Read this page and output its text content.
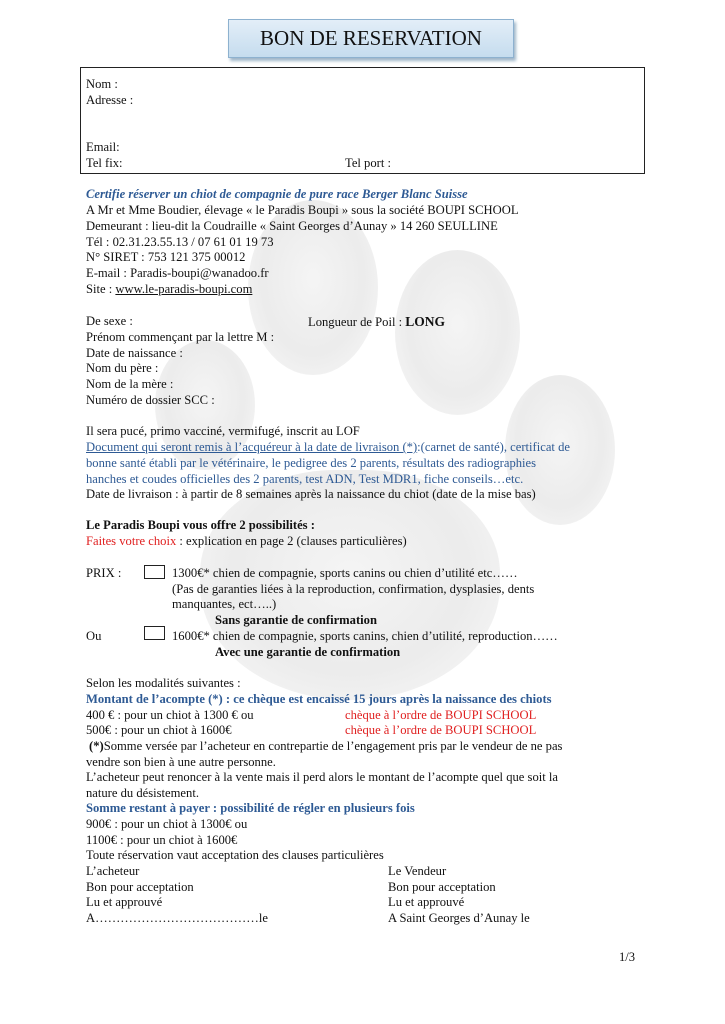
BON DE RESERVATION
Nom :
Adresse :
Email:
Tel fix:	Tel port :
Certifie réserver un chiot de compagnie de pure race Berger Blanc Suisse
A Mr et Mme Boudier, élevage « le Paradis Boupi » sous la société BOUPI SCHOOL
Demeurant : lieu-dit la Coudraille « Saint Georges d’Aunay » 14 260 SEULLINE
Tél : 02.31.23.55.13 / 07 61 01 19 73
N° SIRET : 753 121 375 00012
E-mail : Paradis-boupi@wanadoo.fr
Site : www.le-paradis-boupi.com
De sexe :	Longueur de Poil : LONG
Prénom commençant par la lettre M :
Date de naissance :
Nom du père :
Nom de la mère :
Numéro de dossier SCC :
Il sera pucé, primo vacciné, vermifugé, inscrit au LOF
Document qui seront remis à l’acquéreur à la date de livraison (*):(carnet de santé), certificat de
bonne santé établi par le vétérinaire, le pedigree des 2 parents, résultats des radiographies
hanches et coudes officielles des 2 parents, test ADN, Test MDR1, fiche conseils…etc.
Date de livraison : à partir de 8 semaines après la naissance du chiot (date de la mise bas)
Le Paradis Boupi vous offre 2 possibilités :
Faites votre choix : explication en page 2 (clauses particulières)
PRIX :	1300€* chien de compagnie, sports canins ou chien d’utilité etc……
(Pas de garanties liées à la reproduction, confirmation, dysplasies, dents
manquantes, ect…..)
Sans garantie de confirmation
Ou	1600€* chien de compagnie, sports canins, chien d’utilité, reproduction……
Avec une garantie de confirmation
Selon les modalités suivantes :
Montant de l’acompte (*) : ce chèque est encaissé 15 jours après la naissance des chiots
400 € : pour un chiot à 1300 € ou	chèque à l’ordre de BOUPI SCHOOL
500€ : pour un chiot à 1600€	chèque à l’ordre de BOUPI SCHOOL
(*)Somme versée par l’acheteur en contrepartie de l’engagement pris par le vendeur de ne pas
vendre son bien à une autre personne.
L’acheteur peut renoncer à la vente mais il perd alors le montant de l’acompte quel que soit la
nature du désistement.
Somme restant à payer : possibilité de régler en plusieurs fois
900€ : pour un chiot à 1300€ ou
1100€ : pour un chiot à 1600€
Toute réservation vaut acceptation des clauses particulières
L’acheteur	Le Vendeur
Bon pour acceptation	Bon pour acceptation
Lu et approuvé	Lu et approuvé
A…………………………………le	A Saint Georges d’Aunay le
1/3
